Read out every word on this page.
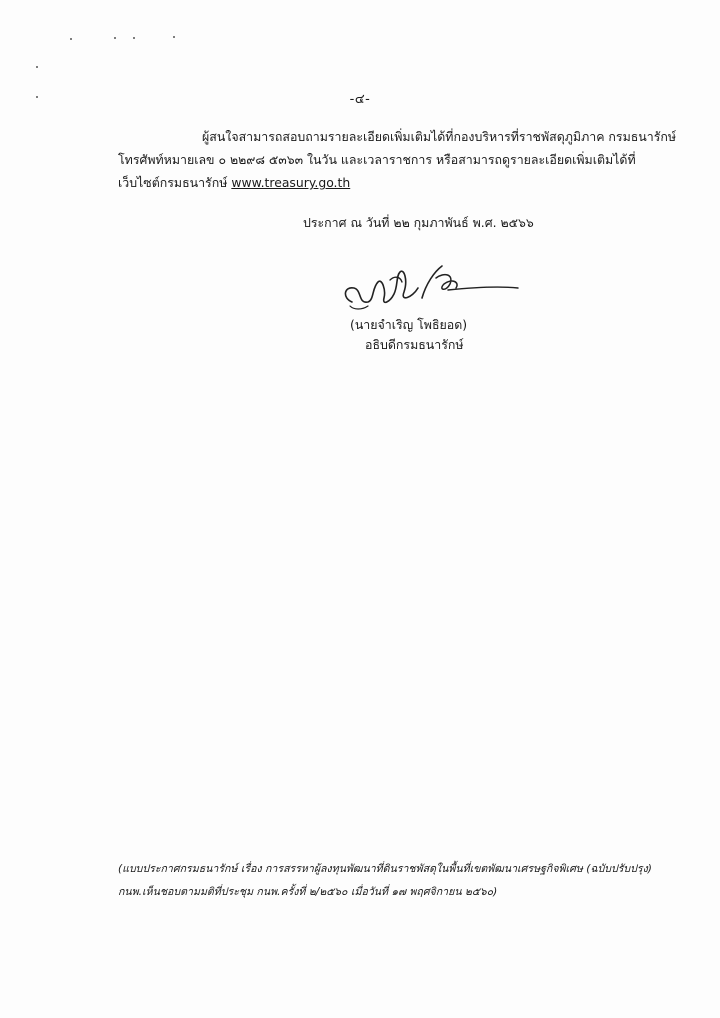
-๔-
ผู้สนใจสามารถสอบถามรายละเอียดเพิ่มเติมได้ที่กองบริหารที่ราชพัสดุภูมิภาค กรมธนารักษ์
โทรศัพท์หมายเลข ๐ ๒๒๙๘ ๕๓๖๓ ในวัน และเวลาราชการ หรือสามารถดูรายละเอียดเพิ่มเติมได้ที่
เว็บไซต์กรมธนารักษ์ www.treasury.go.th
ประกาศ ณ วันที่ ๒๒ กุมภาพันธ์ พ.ศ. ๒๕๖๖
(นายจำเริญ โพธิยอด)
อธิบดีกรมธนารักษ์
(แบบประกาศกรมธนารักษ์ เรื่อง การสรรหาผู้ลงทุนพัฒนาที่ดินราชพัสดุในพื้นที่เขตพัฒนาเศรษฐกิจพิเศษ (ฉบับปรับปรุง)
กนพ.เห็นชอบตามมติที่ประชุม กนพ.ครั้งที่ ๒/๒๕๖๐ เมื่อวันที่ ๑๗ พฤศจิกายน ๒๕๖๐)
